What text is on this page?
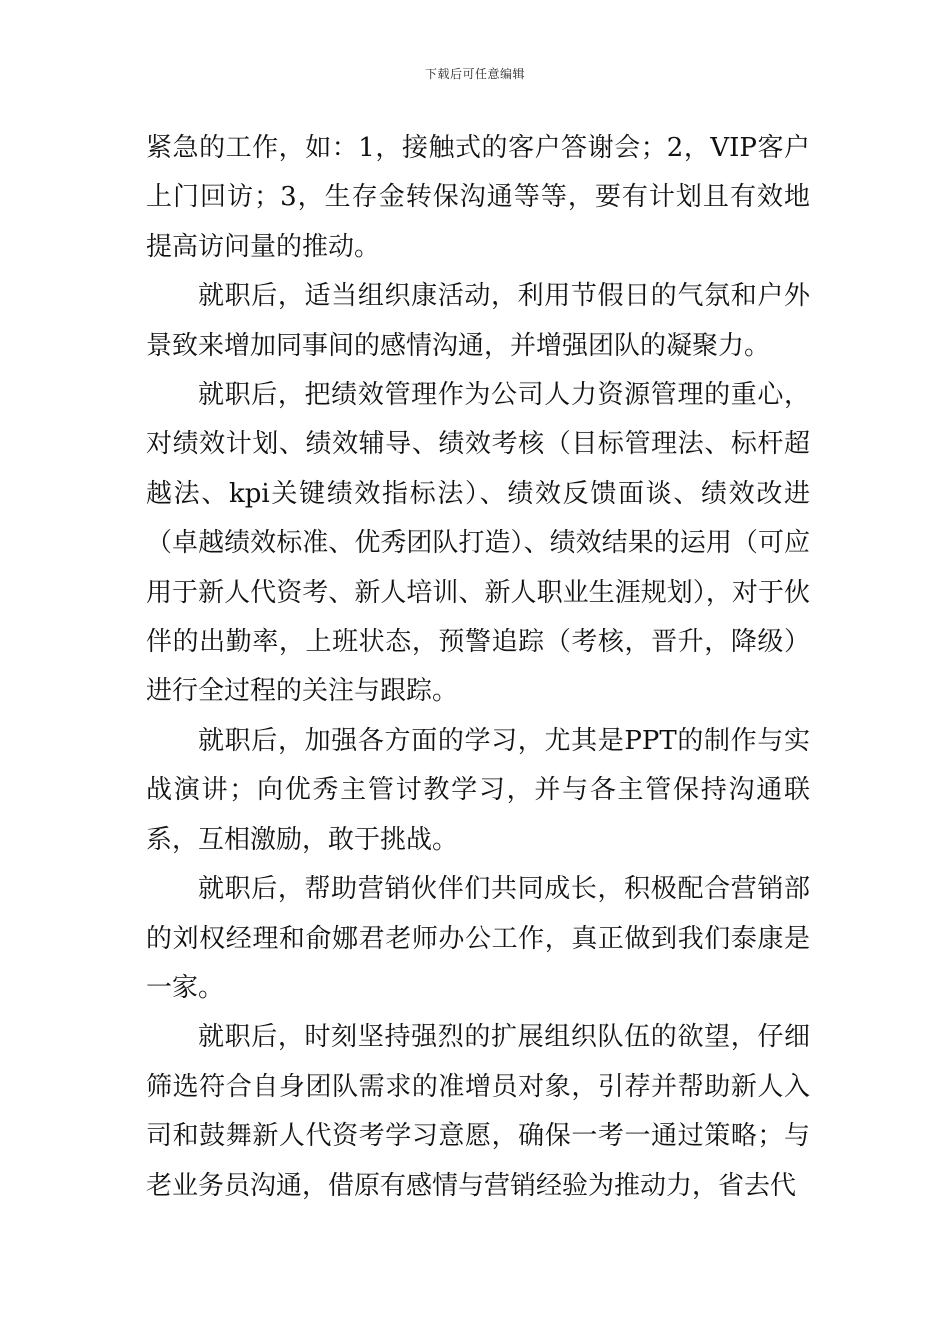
下载后可任意编辑

紧急的工作，如：1，接触式的客户答谢会；2，VIP客户上门回访；3，生存金转保沟通等等，要有计划且有效地提高访问量的推动。

就职后，适当组织康活动，利用节假日的气氛和户外景致来增加同事间的感情沟通，并增强团队的凝聚力。

就职后，把绩效管理作为公司人力资源管理的重心，对绩效计划、绩效辅导、绩效考核（目标管理法、标杆超越法、kpi关键绩效指标法）、绩效反馈面谈、绩效改进（卓越绩效标准、优秀团队打造）、绩效结果的运用（可应用于新人代资考、新人培训、新人职业生涯规划），对于伙伴的出勤率，上班状态，预警追踪（考核，晋升，降级）进行全过程的关注与跟踪。

就职后，加强各方面的学习，尤其是PPT的制作与实战演讲；向优秀主管讨教学习，并与各主管保持沟通联系，互相激励，敢于挑战。

就职后，帮助营销伙伴们共同成长，积极配合营销部的刘权经理和俞娜君老师办公工作，真正做到我们泰康是一家。

就职后，时刻坚持强烈的扩展组织队伍的欲望，仔细筛选符合自身团队需求的准增员对象，引荐并帮助新人入司和鼓舞新人代资考学习意愿，确保一考一通过策略；与老业务员沟通，借原有感情与营销经验为推动力，省去代
